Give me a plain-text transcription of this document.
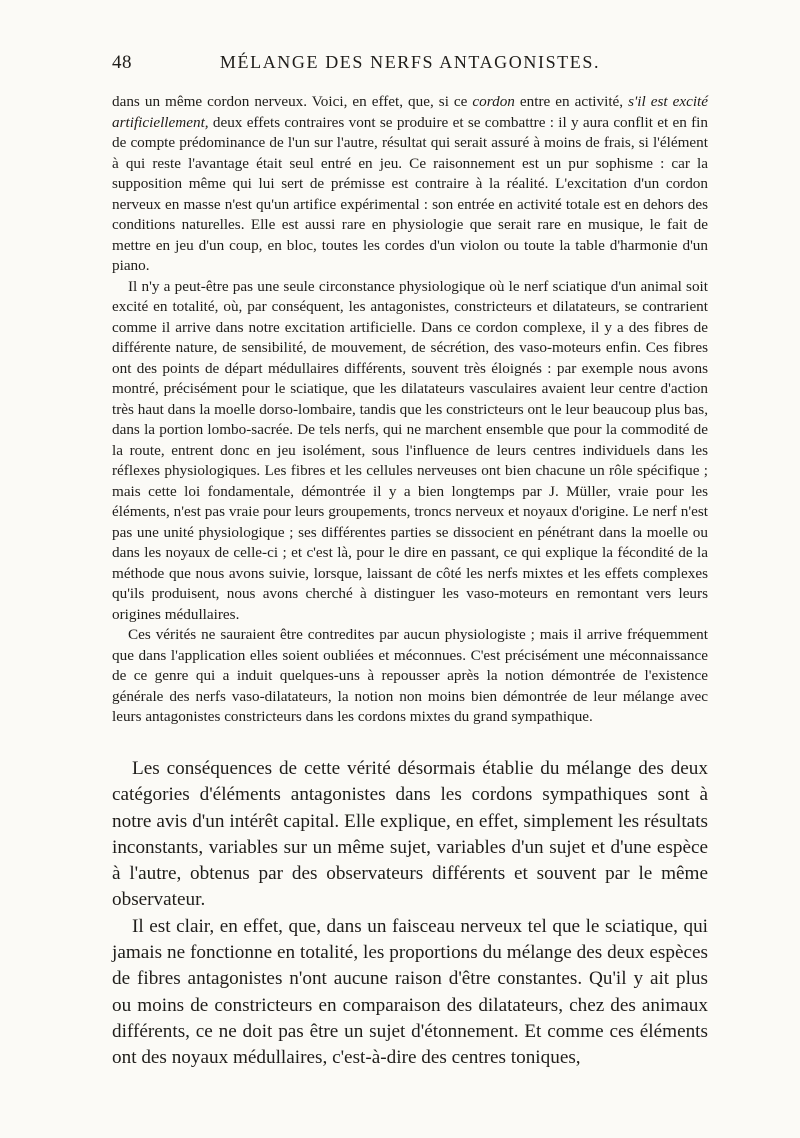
48	MÉLANGE DES NERFS ANTAGONISTES.

dans un même cordon nerveux. Voici, en effet, que, si ce cordon entre en activité, s'il est excité artificiellement, deux effets contraires vont se produire et se combattre : il y aura conflit et en fin de compte prédominance de l'un sur l'autre, résultat qui serait assuré à moins de frais, si l'élément à qui reste l'avantage était seul entré en jeu. Ce raisonnement est un pur sophisme : car la supposition même qui lui sert de prémisse est contraire à la réalité. L'excitation d'un cordon nerveux en masse n'est qu'un artifice expérimental : son entrée en activité totale est en dehors des conditions naturelles. Elle est aussi rare en physiologie que serait rare en musique, le fait de mettre en jeu d'un coup, en bloc, toutes les cordes d'un violon ou toute la table d'harmonie d'un piano.

Il n'y a peut-être pas une seule circonstance physiologique où le nerf sciatique d'un animal soit excité en totalité, où, par conséquent, les antagonistes, constricteurs et dilatateurs, se contrarient comme il arrive dans notre excitation artificielle. Dans ce cordon complexe, il y a des fibres de différente nature, de sensibilité, de mouvement, de sécrétion, des vaso-moteurs enfin. Ces fibres ont des points de départ médullaires différents, souvent très éloignés : par exemple nous avons montré, précisément pour le sciatique, que les dilatateurs vasculaires avaient leur centre d'action très haut dans la moelle dorso-lombaire, tandis que les constricteurs ont le leur beaucoup plus bas, dans la portion lombo-sacrée. De tels nerfs, qui ne marchent ensemble que pour la commodité de la route, entrent donc en jeu isolément, sous l'influence de leurs centres individuels dans les réflexes physiologiques. Les fibres et les cellules nerveuses ont bien chacune un rôle spécifique ; mais cette loi fondamentale, démontrée il y a bien longtemps par J. Müller, vraie pour les éléments, n'est pas vraie pour leurs groupements, troncs nerveux et noyaux d'origine. Le nerf n'est pas une unité physiologique ; ses différentes parties se dissocient en pénétrant dans la moelle ou dans les noyaux de celle-ci ; et c'est là, pour le dire en passant, ce qui explique la fécondité de la méthode que nous avons suivie, lorsque, laissant de côté les nerfs mixtes et les effets complexes qu'ils produisent, nous avons cherché à distinguer les vaso-moteurs en remontant vers leurs origines médullaires.

Ces vérités ne sauraient être contredites par aucun physiologiste ; mais il arrive fréquemment que dans l'application elles soient oubliées et méconnues. C'est précisément une méconnaissance de ce genre qui a induit quelques-uns à repousser après la notion démontrée de l'existence générale des nerfs vaso-dilatateurs, la notion non moins bien démontrée de leur mélange avec leurs antagonistes constricteurs dans les cordons mixtes du grand sympathique.

Les conséquences de cette vérité désormais établie du mélange des deux catégories d'éléments antagonistes dans les cordons sympathiques sont à notre avis d'un intérêt capital. Elle explique, en effet, simplement les résultats inconstants, variables sur un même sujet, variables d'un sujet et d'une espèce à l'autre, obtenus par des observateurs différents et souvent par le même observateur.

Il est clair, en effet, que, dans un faisceau nerveux tel que le sciatique, qui jamais ne fonctionne en totalité, les proportions du mélange des deux espèces de fibres antagonistes n'ont aucune raison d'être constantes. Qu'il y ait plus ou moins de constricteurs en comparaison des dilatateurs, chez des animaux différents, ce ne doit pas être un sujet d'étonnement. Et comme ces éléments ont des noyaux médullaires, c'est-à-dire des centres toniques,
